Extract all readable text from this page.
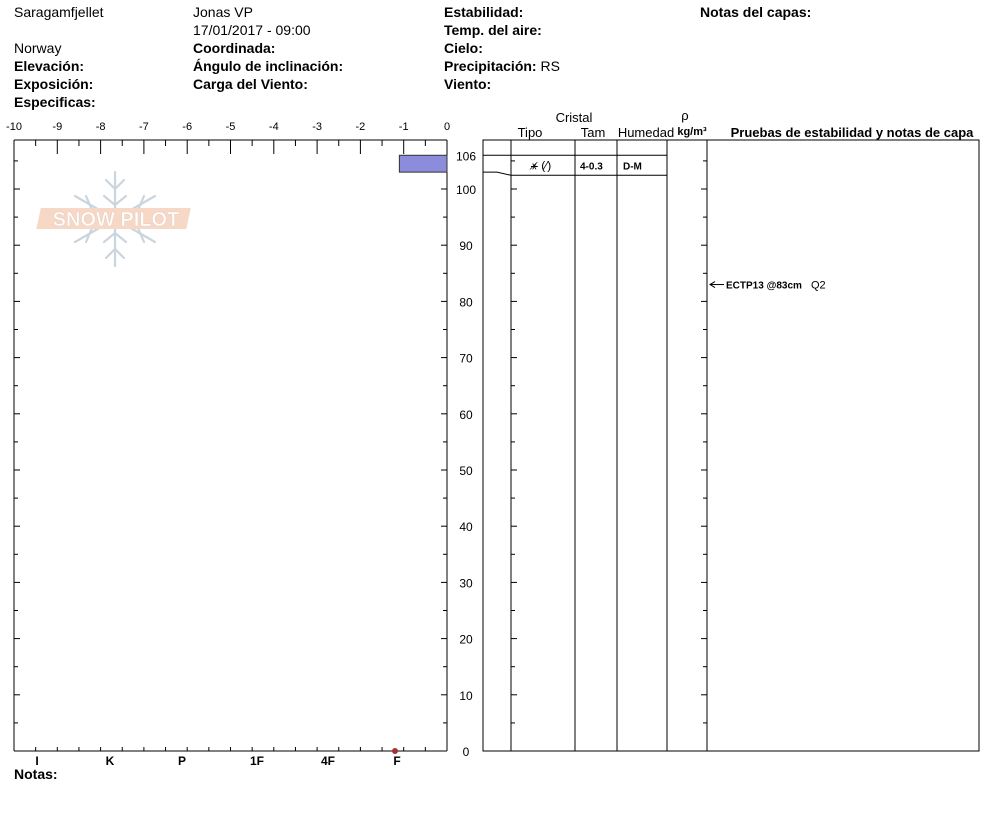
Saragamfjellet
Norway
Elevación:
Exposición:
Especificas:
Jonas VP
17/01/2017 - 09:00
Coordinada:
Ángulo de inclinación:
Carga del Viento:
Estabilidad:
Temp. del aire:
Cielo:
Precipitación: RS
Viento:
Notas del capas:
Notas:
SNOW PILOT
-10	-9	-8	-7	-6	-5	-4	-3	-2	-1	0
I	K	P	1F	4F	F
0
10
20
30
40
50
60
70
80
90
100
106
Cristal
Tipo	Tam Humedad
ρ
kg/m³ Pruebas de estabilidad y notas de capa
⚹̷ (⁄)	4-0.3 D-M
ECTP13 @83cm Q2
